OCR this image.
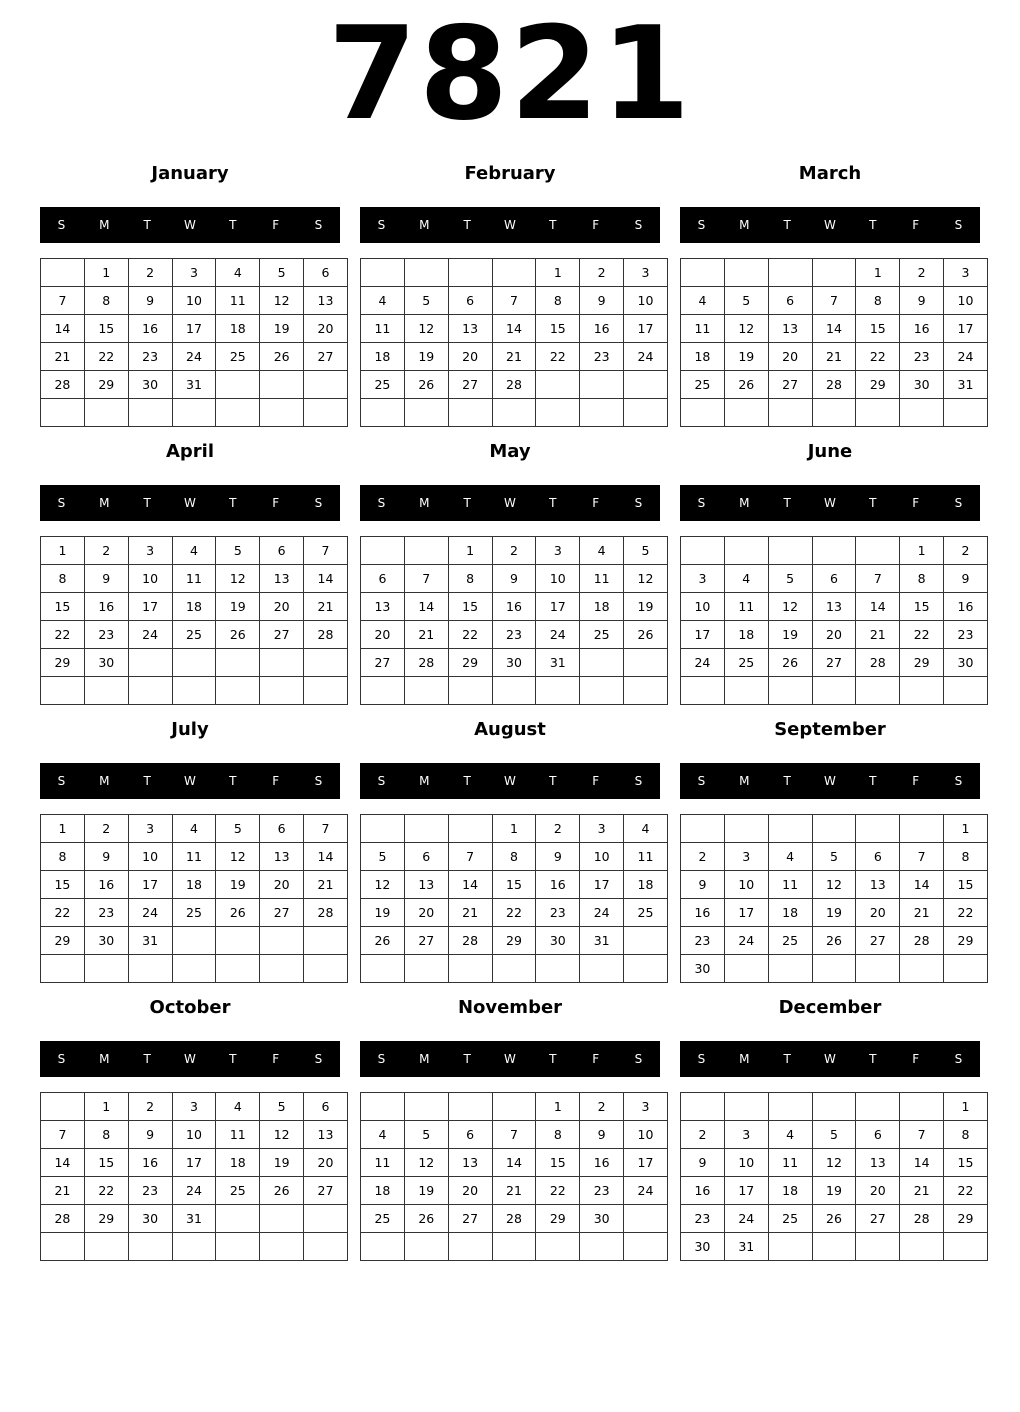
7821
January
S	M	T	W	T	F	S
	1	2	3	4	5	6
7	8	9	10	11	12	13
14	15	16	17	18	19	20
21	22	23	24	25	26	27
28	29	30	31			

February
S	M	T	W	T	F	S
				1	2	3
4	5	6	7	8	9	10
11	12	13	14	15	16	17
18	19	20	21	22	23	24
25	26	27	28			

March
S	M	T	W	T	F	S
				1	2	3
4	5	6	7	8	9	10
11	12	13	14	15	16	17
18	19	20	21	22	23	24
25	26	27	28	29	30	31

April
S	M	T	W	T	F	S
1	2	3	4	5	6	7
8	9	10	11	12	13	14
15	16	17	18	19	20	21
22	23	24	25	26	27	28
29	30					

May
S	M	T	W	T	F	S
		1	2	3	4	5
6	7	8	9	10	11	12
13	14	15	16	17	18	19
20	21	22	23	24	25	26
27	28	29	30	31		

June
S	M	T	W	T	F	S
					1	2
3	4	5	6	7	8	9
10	11	12	13	14	15	16
17	18	19	20	21	22	23
24	25	26	27	28	29	30

July
S	M	T	W	T	F	S
1	2	3	4	5	6	7
8	9	10	11	12	13	14
15	16	17	18	19	20	21
22	23	24	25	26	27	28
29	30	31				

August
S	M	T	W	T	F	S
			1	2	3	4
5	6	7	8	9	10	11
12	13	14	15	16	17	18
19	20	21	22	23	24	25
26	27	28	29	30	31	

September
S	M	T	W	T	F	S
						1
2	3	4	5	6	7	8
9	10	11	12	13	14	15
16	17	18	19	20	21	22
23	24	25	26	27	28	29
30						
October
S	M	T	W	T	F	S
	1	2	3	4	5	6
7	8	9	10	11	12	13
14	15	16	17	18	19	20
21	22	23	24	25	26	27
28	29	30	31			

November
S	M	T	W	T	F	S
				1	2	3
4	5	6	7	8	9	10
11	12	13	14	15	16	17
18	19	20	21	22	23	24
25	26	27	28	29	30	

December
S	M	T	W	T	F	S
						1
2	3	4	5	6	7	8
9	10	11	12	13	14	15
16	17	18	19	20	21	22
23	24	25	26	27	28	29
30	31					
